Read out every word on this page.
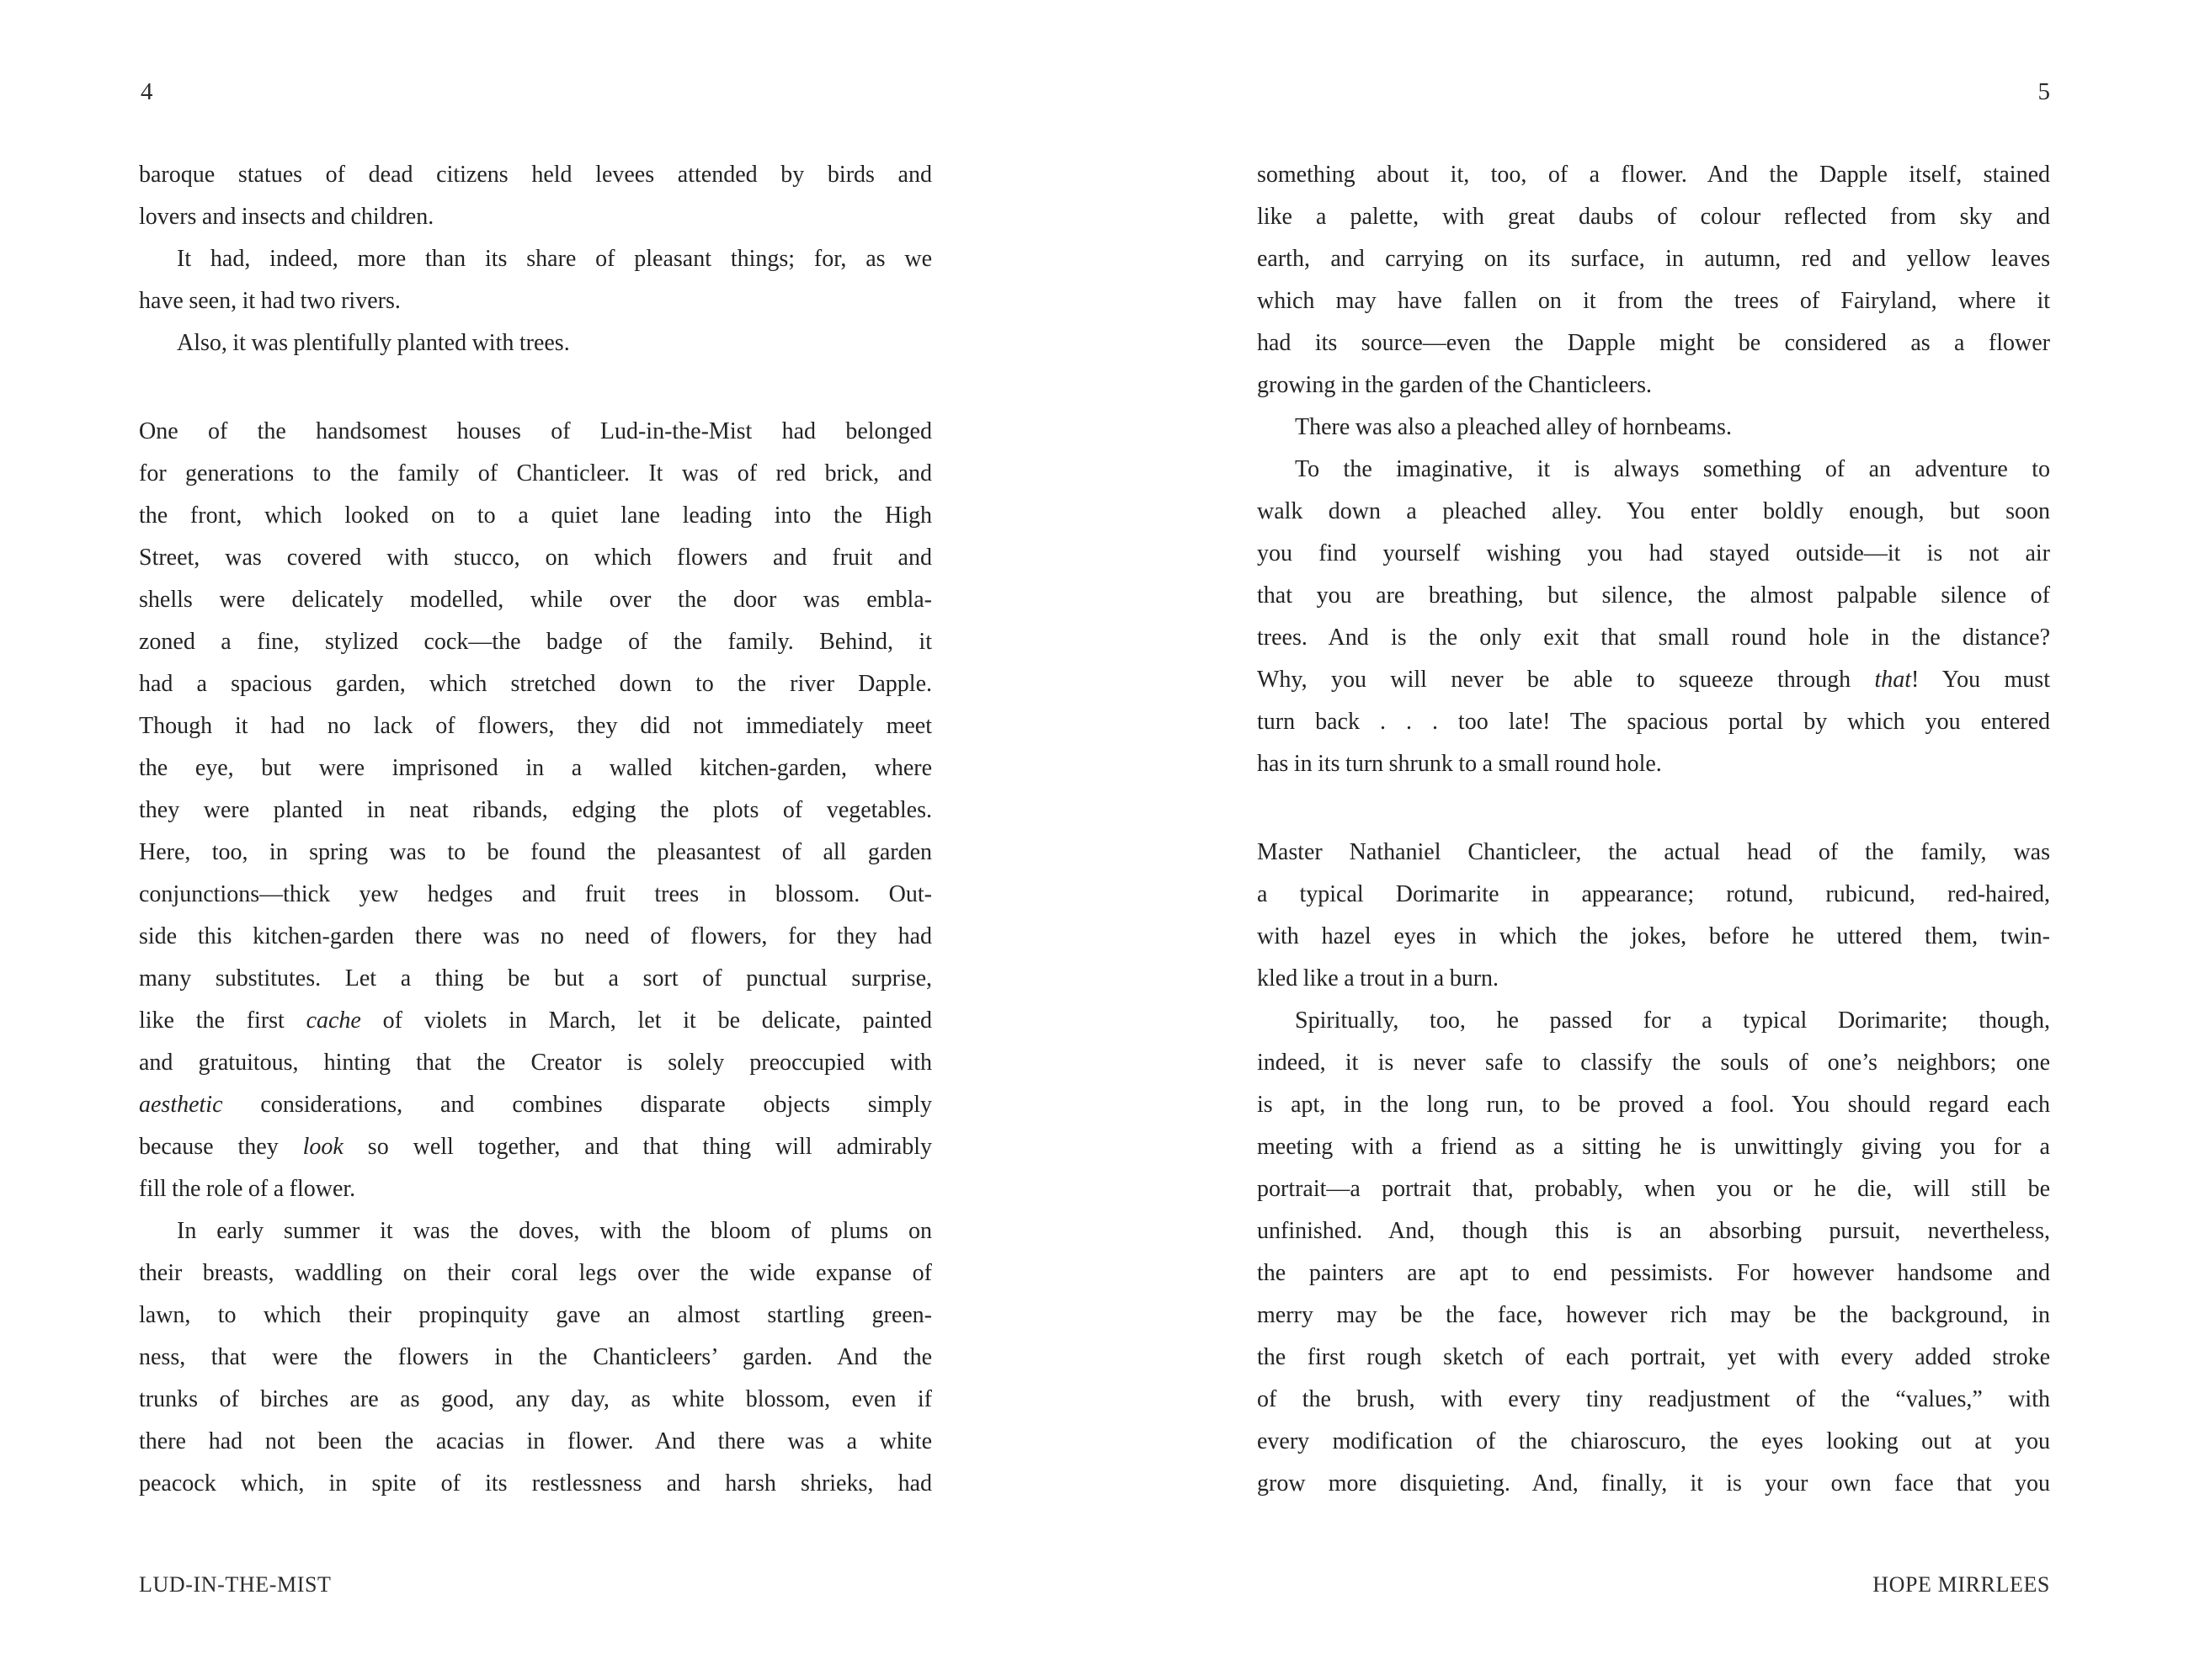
4
baroque statues of dead citizens held levees attended by birds and
lovers and insects and children.
It had, indeed, more than its share of pleasant things; for, as we
have seen, it had two rivers.
Also, it was plentifully planted with trees.
One of the handsomest houses of Lud-in-the-Mist had belonged
for generations to the family of Chanticleer. It was of red brick, and
the front, which looked on to a quiet lane leading into the High
Street, was covered with stucco, on which flowers and fruit and
shells were delicately modelled, while over the door was embla-
zoned a fine, stylized cock—the badge of the family. Behind, it
had a spacious garden, which stretched down to the river Dapple.
Though it had no lack of flowers, they did not immediately meet
the eye, but were imprisoned in a walled kitchen-garden, where
they were planted in neat ribands, edging the plots of vegetables.
Here, too, in spring was to be found the pleasantest of all garden
conjunctions—thick yew hedges and fruit trees in blossom. Out-
side this kitchen-garden there was no need of flowers, for they had
many substitutes. Let a thing be but a sort of punctual surprise,
like the first cache of violets in March, let it be delicate, painted
and gratuitous, hinting that the Creator is solely preoccupied with
aesthetic considerations, and combines disparate objects simply
because they look so well together, and that thing will admirably
fill the role of a flower.
In early summer it was the doves, with the bloom of plums on
their breasts, waddling on their coral legs over the wide expanse of
lawn, to which their propinquity gave an almost startling green-
ness, that were the flowers in the Chanticleers’ garden. And the
trunks of birches are as good, any day, as white blossom, even if
there had not been the acacias in flower. And there was a white
peacock which, in spite of its restlessness and harsh shrieks, had
LUD-IN-THE-MIST
5
something about it, too, of a flower. And the Dapple itself, stained
like a palette, with great daubs of colour reflected from sky and
earth, and carrying on its surface, in autumn, red and yellow leaves
which may have fallen on it from the trees of Fairyland, where it
had its source—even the Dapple might be considered as a flower
growing in the garden of the Chanticleers.
There was also a pleached alley of hornbeams.
To the imaginative, it is always something of an adventure to
walk down a pleached alley. You enter boldly enough, but soon
you find yourself wishing you had stayed outside—it is not air
that you are breathing, but silence, the almost palpable silence of
trees. And is the only exit that small round hole in the distance?
Why, you will never be able to squeeze through that! You must
turn back . . . too late! The spacious portal by which you entered
has in its turn shrunk to a small round hole.
Master Nathaniel Chanticleer, the actual head of the family, was
a typical Dorimarite in appearance; rotund, rubicund, red-haired,
with hazel eyes in which the jokes, before he uttered them, twin-
kled like a trout in a burn.
Spiritually, too, he passed for a typical Dorimarite; though,
indeed, it is never safe to classify the souls of one’s neighbors; one
is apt, in the long run, to be proved a fool. You should regard each
meeting with a friend as a sitting he is unwittingly giving you for a
portrait—a portrait that, probably, when you or he die, will still be
unfinished. And, though this is an absorbing pursuit, nevertheless,
the painters are apt to end pessimists. For however handsome and
merry may be the face, however rich may be the background, in
the first rough sketch of each portrait, yet with every added stroke
of the brush, with every tiny readjustment of the “values,” with
every modification of the chiaroscuro, the eyes looking out at you
grow more disquieting. And, finally, it is your own face that you
HOPE MIRRLEES
